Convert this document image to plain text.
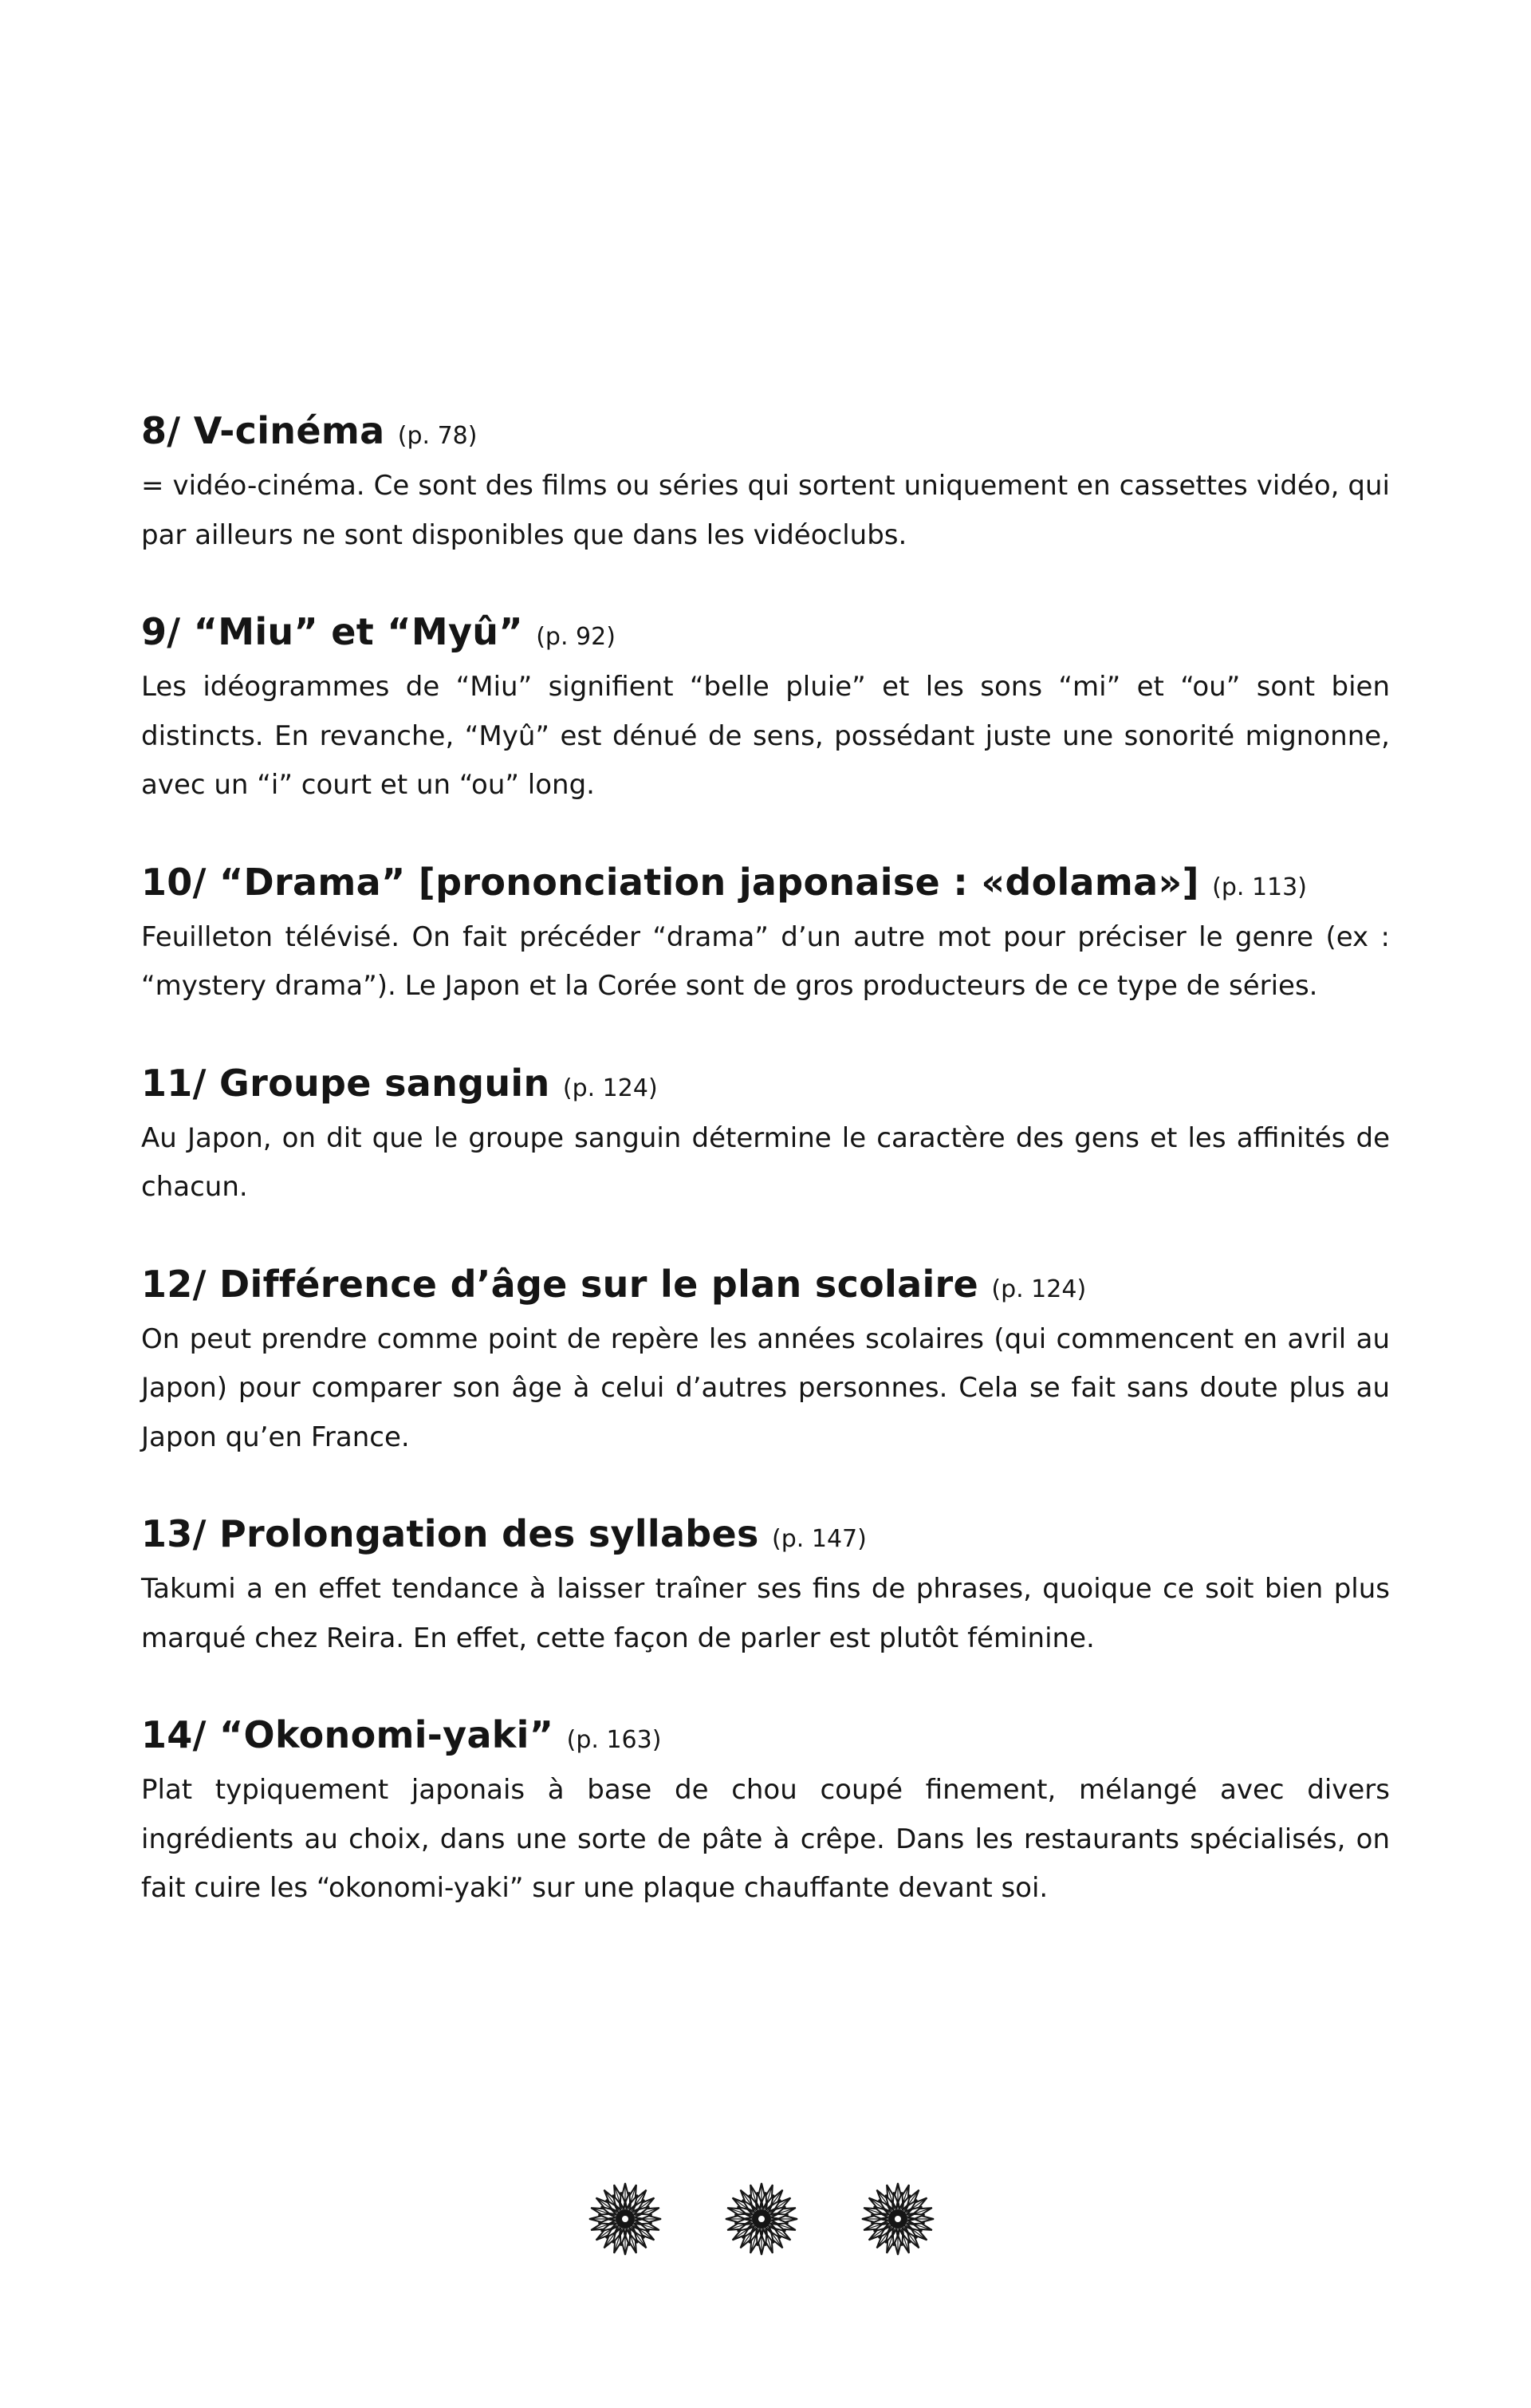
8/ V-cinéma (p. 78)

= vidéo-cinéma. Ce sont des films ou séries qui sortent uniquement en cassettes vidéo, qui par ailleurs ne sont disponibles que dans les vidéoclubs.

9/ “Miu” et “Myû” (p. 92)

Les idéogrammes de “Miu” signifient “belle pluie” et les sons “mi” et “ou” sont bien distincts. En revanche, “Myû” est dénué de sens, possédant juste une sonorité mignonne, avec un “i” court et un “ou” long.

10/ “Drama” [prononciation japonaise : «dolama»] (p. 113)

Feuilleton télévisé. On fait précéder “drama” d’un autre mot pour préciser le genre (ex : “mystery drama”). Le Japon et la Corée sont de gros producteurs de ce type de séries.

11/ Groupe sanguin (p. 124)

Au Japon, on dit que le groupe sanguin détermine le caractère des gens et les affinités de chacun.

12/ Différence d’âge sur le plan scolaire (p. 124)

On peut prendre comme point de repère les années scolaires (qui commencent en avril au Japon) pour comparer son âge à celui d’autres personnes. Cela se fait sans doute plus au Japon qu’en France.

13/ Prolongation des syllabes (p. 147)

Takumi a en effet tendance à laisser traîner ses fins de phrases, quoique ce soit bien plus marqué chez Reira. En effet, cette façon de parler est plutôt féminine.

14/ “Okonomi-yaki” (p. 163)

Plat typiquement japonais à base de chou coupé finement, mélangé avec divers ingrédients au choix, dans une sorte de pâte à crêpe. Dans les restaurants spécialisés, on fait cuire les “okonomi-yaki” sur une plaque chauffante devant soi.
